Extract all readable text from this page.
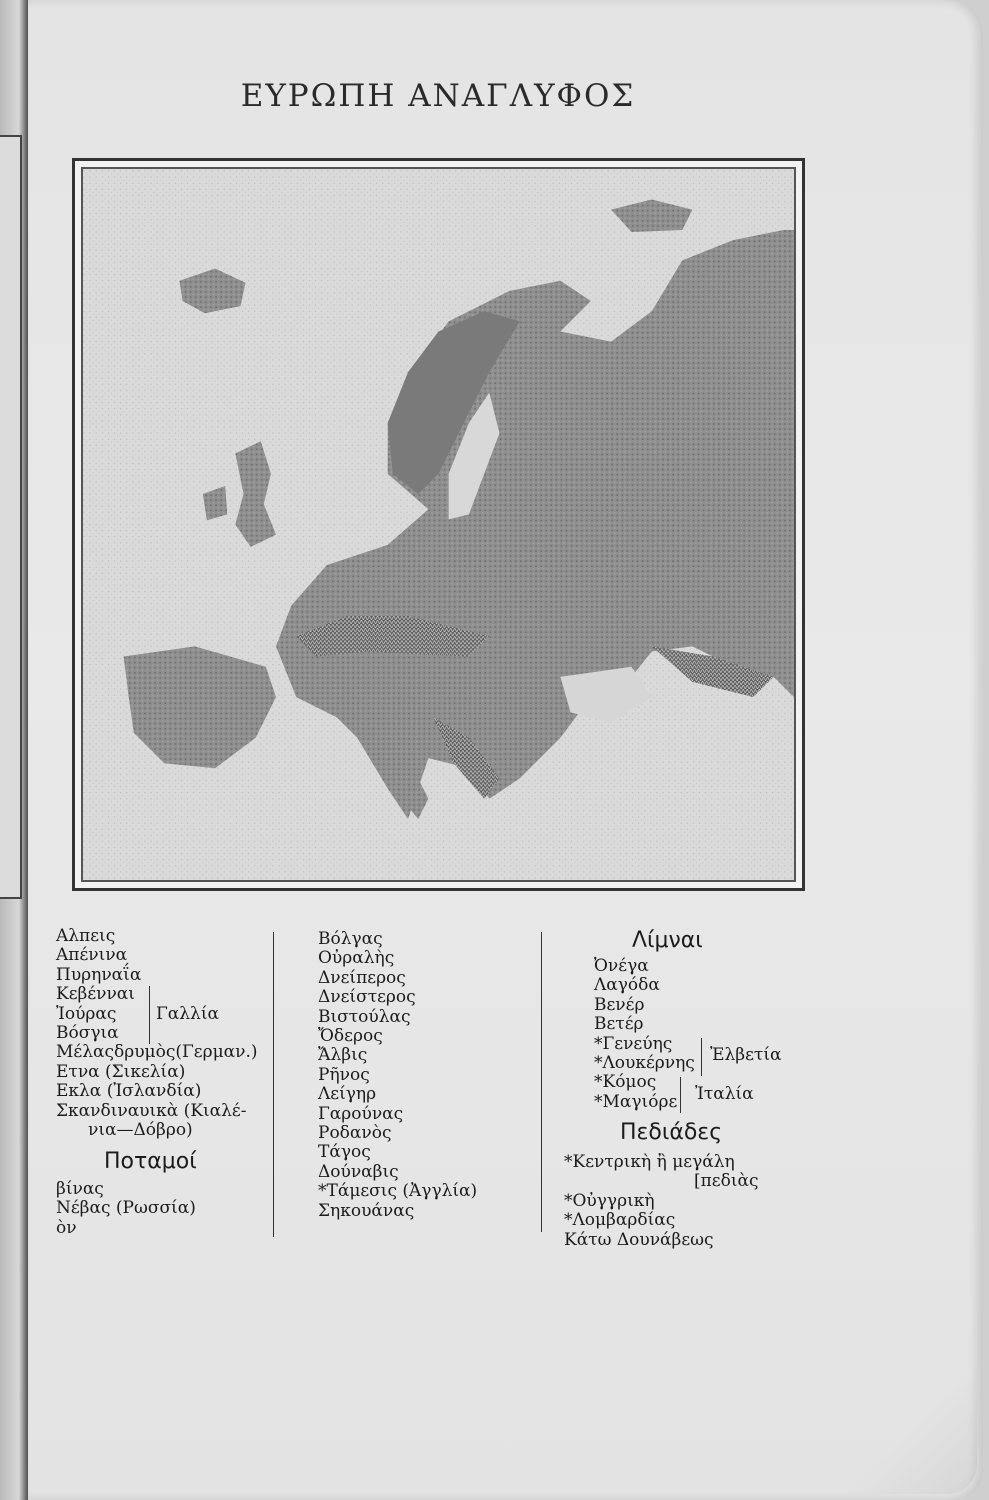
ΕΥΡΩΠΗ ΑΝΑΓΛΥΦΟΣ
Αλπεις
Απένινα
Πυρηναΐα
Κεβένναι
Ἰούρας
Βόσγια
Μέλαςδρυμὸς(Γερμαν.)
Ετνα (Σικελία)
Εκλα (Ἰσλανδία)
Σκανδιναυικὰ (Κιαλέ-
νια—Δόβρο)
Ποταμοί
βίνας
Νέβας (Ρωσσία)
ὸν
Γαλλία
Βόλγας
Οὐραλὴς
Δνείπερος
Δνείστερος
Βιστούλας
Ὄδερος
Ἄλβις
Ρῆνος
Λείγηρ
Γαρούνας
Ροδανὸς
Τάγος
Δούναβις
*Τάμεσις (Ἀγγλία)
Σηκουάνας
Λίμναι
Ὀνέγα
Λαγόδα
Βενέρ
Βετέρ
*Γενεύης
*Λουκέρνης
*Κόμος
*Μαγιόρε
Ἐλβετία
Ἰταλία
Πεδιάδες
*Κεντρικὴ ἢ μεγάλη
[πεδιὰς
*Οὐγγρικὴ
*Λομβαρδίας
Κάτω Δουνάβεως
